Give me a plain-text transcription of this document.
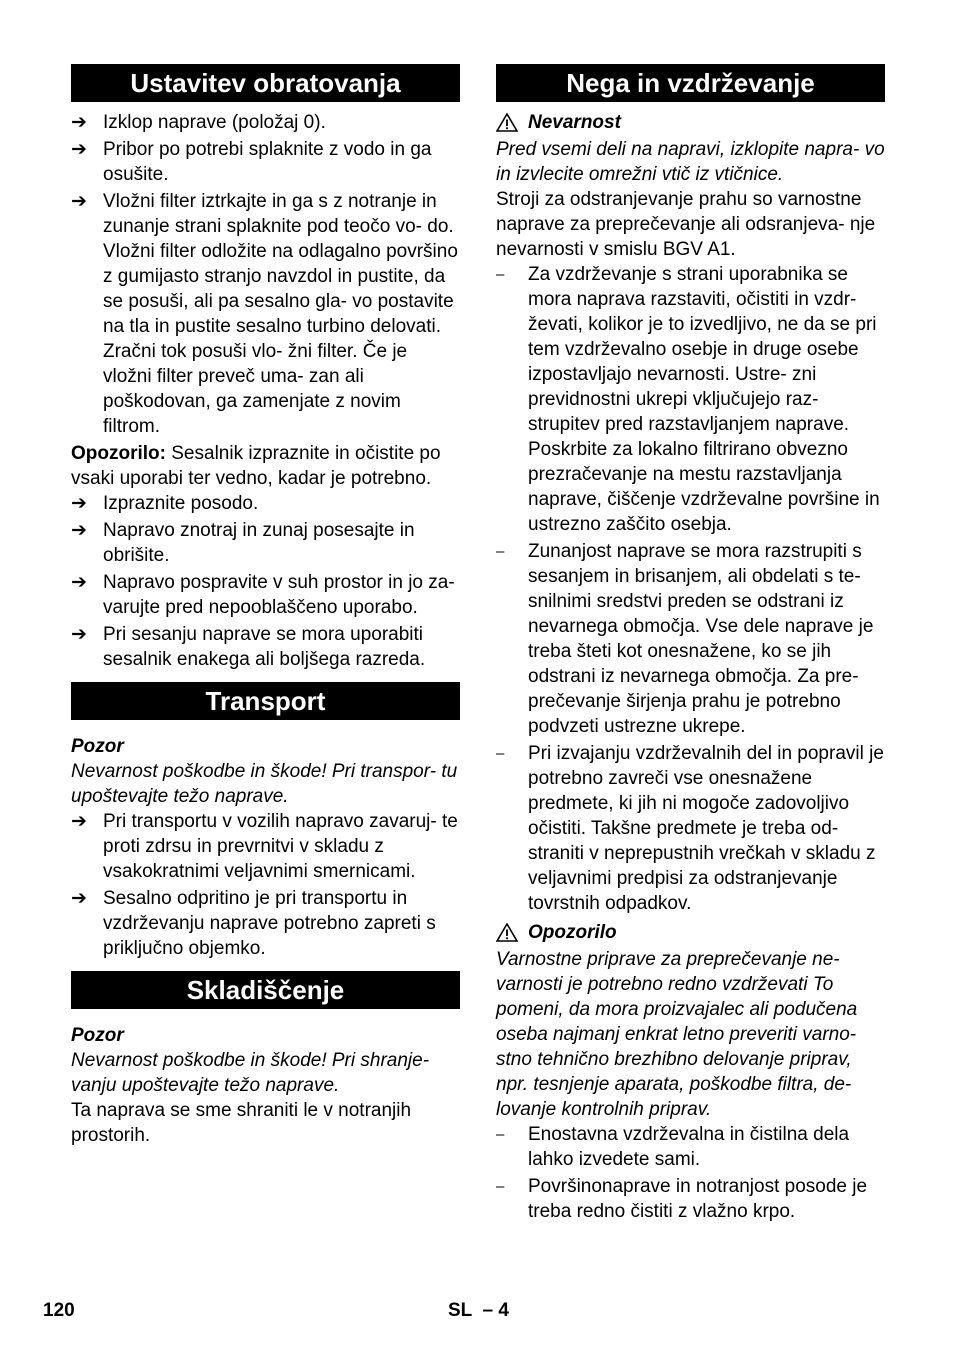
Ustavitev obratovanja
➔ Izklop naprave (položaj 0).
➔ Pribor po potrebi splaknite z vodo in ga osušite.
➔ Vložni filter iztrkajte in ga s z notranje in zunanje strani splaknite pod teočo vo- do. Vložni filter odložite na odlagalno površino z gumijasto stranjo navzdol in pustite, da se posuši, ali pa sesalno gla- vo postavite na tla in pustite sesalno turbino delovati. Zračni tok posuši vlo- žni filter. Če je vložni filter preveč uma- zan ali poškodovan, ga zamenjate z novim filtrom.

Opozorilo: Sesalnik izpraznite in očistite po vsaki uporabi ter vedno, kadar je potrebno.

➔ Izpraznite posodo.
➔ Napravo znotraj in zunaj posesajte in obrišite.
➔ Napravo pospravite v suh prostor in jo za- varujte pred nepooblaščeno uporabo.
➔ Pri sesanju naprave se mora uporabiti sesalnik enakega ali boljšega razreda.
Transport

Pozor

Nevarnost poškodbe in škode! Pri transpor- tu upoštevajte težo naprave.

➔ Pri transportu v vozilih napravo zavaruj- te proti zdrsu in prevrnitvi v skladu z vsakokratnimi veljavnimi smernicami.
➔ Sesalno odpritino je pri transportu in vzdrževanju naprave potrebno zapreti s priključno objemko.
Skladiščenje

Pozor

Nevarnost poškodbe in škode! Pri shranje- vanju upoštevajte težo naprave.

Ta naprava se sme shraniti le v notranjih prostorih.

Nega in vzdrževanje
Nevarnost

Pred vsemi deli na napravi, izklopite napra- vo in izvlecite omrežni vtič iz vtičnice.

Stroji za odstranjevanje prahu so varnostne naprave za preprečevanje ali odsranjeva- nje nevarnosti v smislu BGV A1.

–	Za vzdrževanje s strani uporabnika se mora naprava razstaviti, očistiti in vzdr- ževati, kolikor je to izvedljivo, ne da se pri tem vzdrževalno osebje in druge osebe izpostavljajo nevarnosti. Ustre- zni previdnostni ukrepi vključujejo raz- strupitev pred razstavljanjem naprave. Poskrbite za lokalno filtrirano obvezno prezračevanje na mestu razstavljanja naprave, čiščenje vzdrževalne površine in ustrezno zaščito osebja.
–	Zunanjost naprave se mora razstrupiti s sesanjem in brisanjem, ali obdelati s te- snilnimi sredstvi preden se odstrani iz nevarnega območja. Vse dele naprave je treba šteti kot onesnažene, ko se jih odstrani iz nevarnega območja. Za pre- prečevanje širjenja prahu je potrebno podvzeti ustrezne ukrepe.
–	Pri izvajanju vzdrževalnih del in popravil je potrebno zavreči vse onesnažene predmete, ki jih ni mogoče zadovoljivo očistiti. Takšne predmete je treba od- straniti v neprepustnih vrečkah v skladu z veljavnimi predpisi za odstranjevanje tovrstnih odpadkov.
Opozorilo

Varnostne priprave za preprečevanje ne- varnosti je potrebno redno vzdrževati To pomeni, da mora proizvajalec ali podučena oseba najmanj enkrat letno preveriti varno- stno tehnično brezhibno delovanje priprav, npr. tesnjenje aparata, poškodbe filtra, de- lovanje kontrolnih priprav.

–	Enostavna vzdrževalna in čistilna dela lahko izvedete sami.
–	Površinonaprave in notranjost posode je treba redno čistiti z vlažno krpo.
120	SL  – 4
